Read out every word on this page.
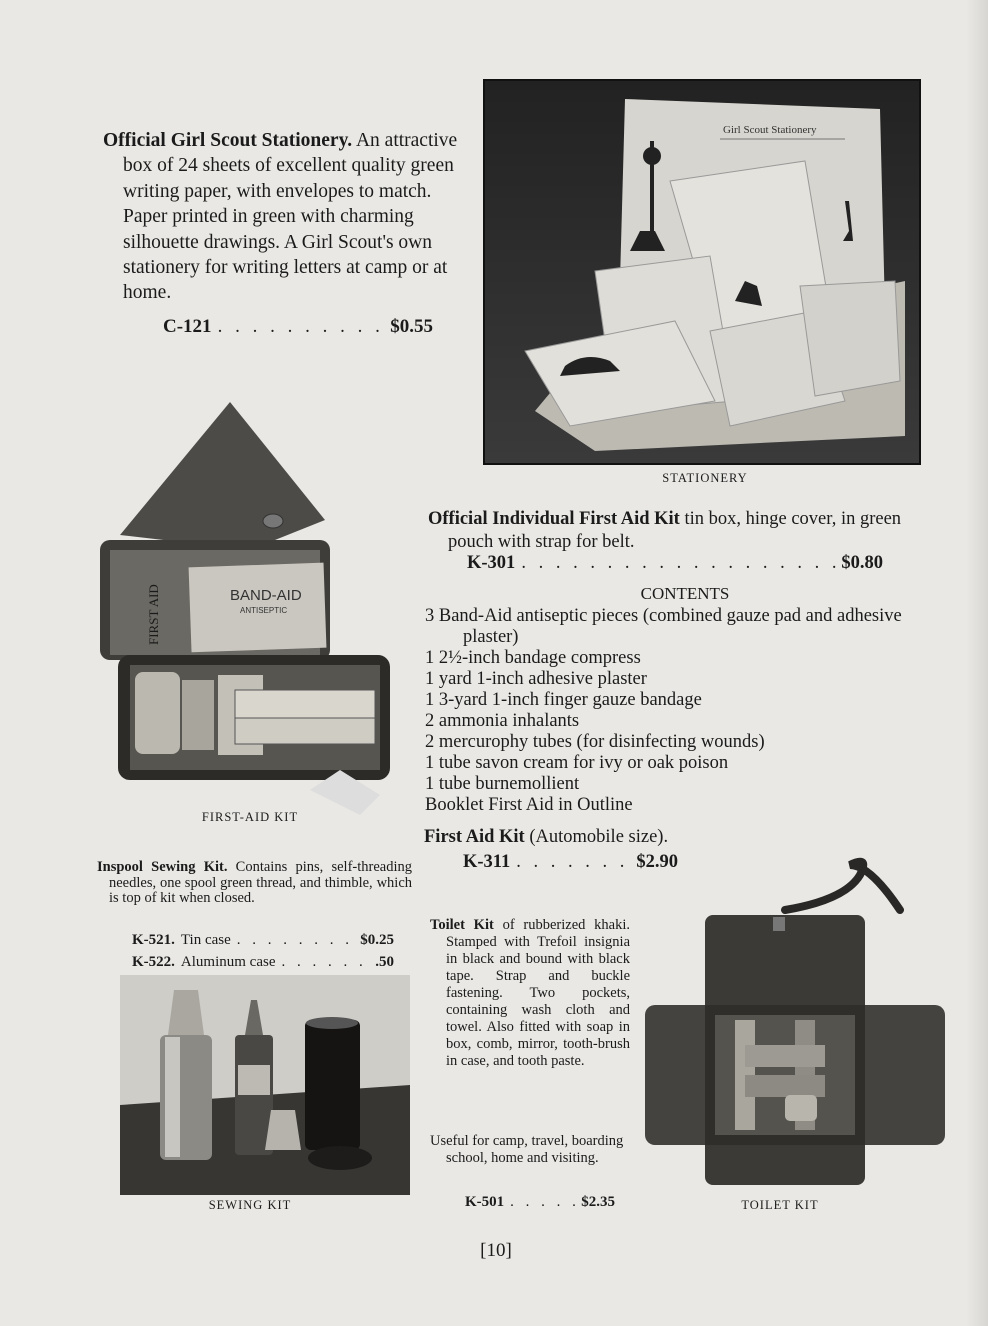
Official Girl Scout Stationery. An attractive box of 24 sheets of excellent quality green writing paper, with envelopes to match. Paper printed in green with charming silhouette drawings. A Girl Scout's own stationery for writing letters at camp or at home.

C-121 . . .	$0.55
Girl Scout Stationery
STATIONERY
FIRST AID	BAND-AID
ANTISEPTIC
FIRST-AID KIT

Official Individual First Aid Kit tin box, hinge cover, in green pouch with strap for belt.

K-301 . . .	$0.80
CONTENTS
3 Band-Aid antiseptic pieces (combined gauze pad and adhesive plaster)
1 2½-inch bandage compress
1 yard 1-inch adhesive plaster
1 3-yard 1-inch finger gauze bandage
2 ammonia inhalants
2 mercurophy tubes (for disinfecting wounds)
1 tube savon cream for ivy or oak poison
1 tube burnemollient
Booklet First Aid in Outline
First Aid Kit (Automobile size).
K-311 . . .	$2.90

Inspool Sewing Kit. Contains pins, self-threading needles, one spool green thread, and thimble, which is top of kit when closed.

K-521. Tin case . . .	$0.25
K-522. Aluminum case . . .	.50
SEWING KIT

Toilet Kit of rubberized khaki. Stamped with Trefoil insignia in black and bound with black tape. Strap and buckle fastening. Two pockets, containing wash cloth and towel. Also fitted with soap in box, comb, mirror, tooth-brush in case, and tooth paste.

Useful for camp, travel, boarding school, home and visiting.

K-501 . . .	$2.35	TOILET KIT
[10]
